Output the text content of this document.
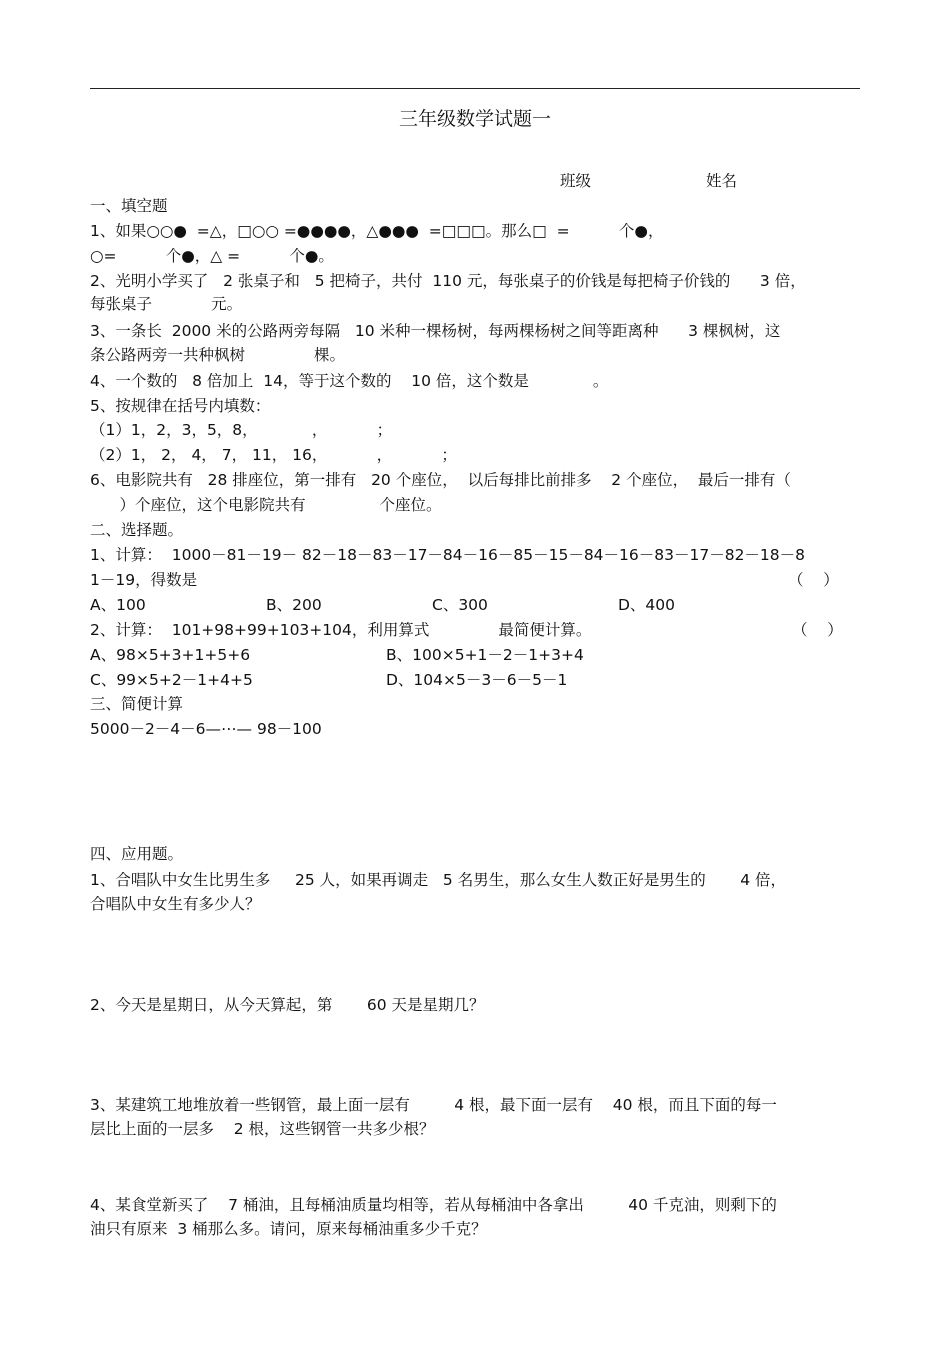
三年级数学试题一
班级	姓名
一、填空题
1、如果○○●  =△，□○○ =●●●●，△●●●  =□□□。那么□  =          个●，
○=          个●，△ =          个●。
2、光明小学买了   2 张桌子和   5 把椅子，共付  110 元，每张桌子的价钱是每把椅子价钱的      3 倍，
每张桌子            元。
3、一条长  2000 米的公路两旁每隔   10 米种一棵杨树，每两棵杨树之间等距离种      3 棵枫树，这
条公路两旁一共种枫树              棵。
4、一个数的   8 倍加上  14，等于这个数的    10 倍，这个数是             。
5、按规律在括号内填数：
（1）1，2，3，5，8，           ，          ；
（2）1， 2， 4， 7， 11， 16，          ，          ；
6、电影院共有   28 排座位，第一排有   20 个座位，  以后每排比前排多    2 个座位，  最后一排有（
）个座位，这个电影院共有               个座位。
二、选择题。
1、计算：  1000－81－19－ 82－18－83－17－84－16－85－15－84－16－83－17－82－18－8
1－19，得数是	（    ）
A、100	B、200	C、300	D、400
2、计算：  101+98+99+103+104，利用算式              最简便计算。	（    ）
A、98×5+3+1+5+6	B、100×5+1－2－1+3+4
C、99×5+2－1+4+5	D、104×5－3－6－5－1
三、简便计算
5000－2－4－6—⋯— 98－100
四、应用题。
1、合唱队中女生比男生多     25 人，如果再调走   5 名男生，那么女生人数正好是男生的       4 倍，
合唱队中女生有多少人？
2、今天是星期日，从今天算起，第       60 天是星期几？
3、某建筑工地堆放着一些钢管，最上面一层有         4 根，最下面一层有    40 根，而且下面的每一
层比上面的一层多    2 根，这些钢管一共多少根？
4、某食堂新买了    7 桶油，且每桶油质量均相等，若从每桶油中各拿出         40 千克油，则剩下的
油只有原来  3 桶那么多。请问，原来每桶油重多少千克？
